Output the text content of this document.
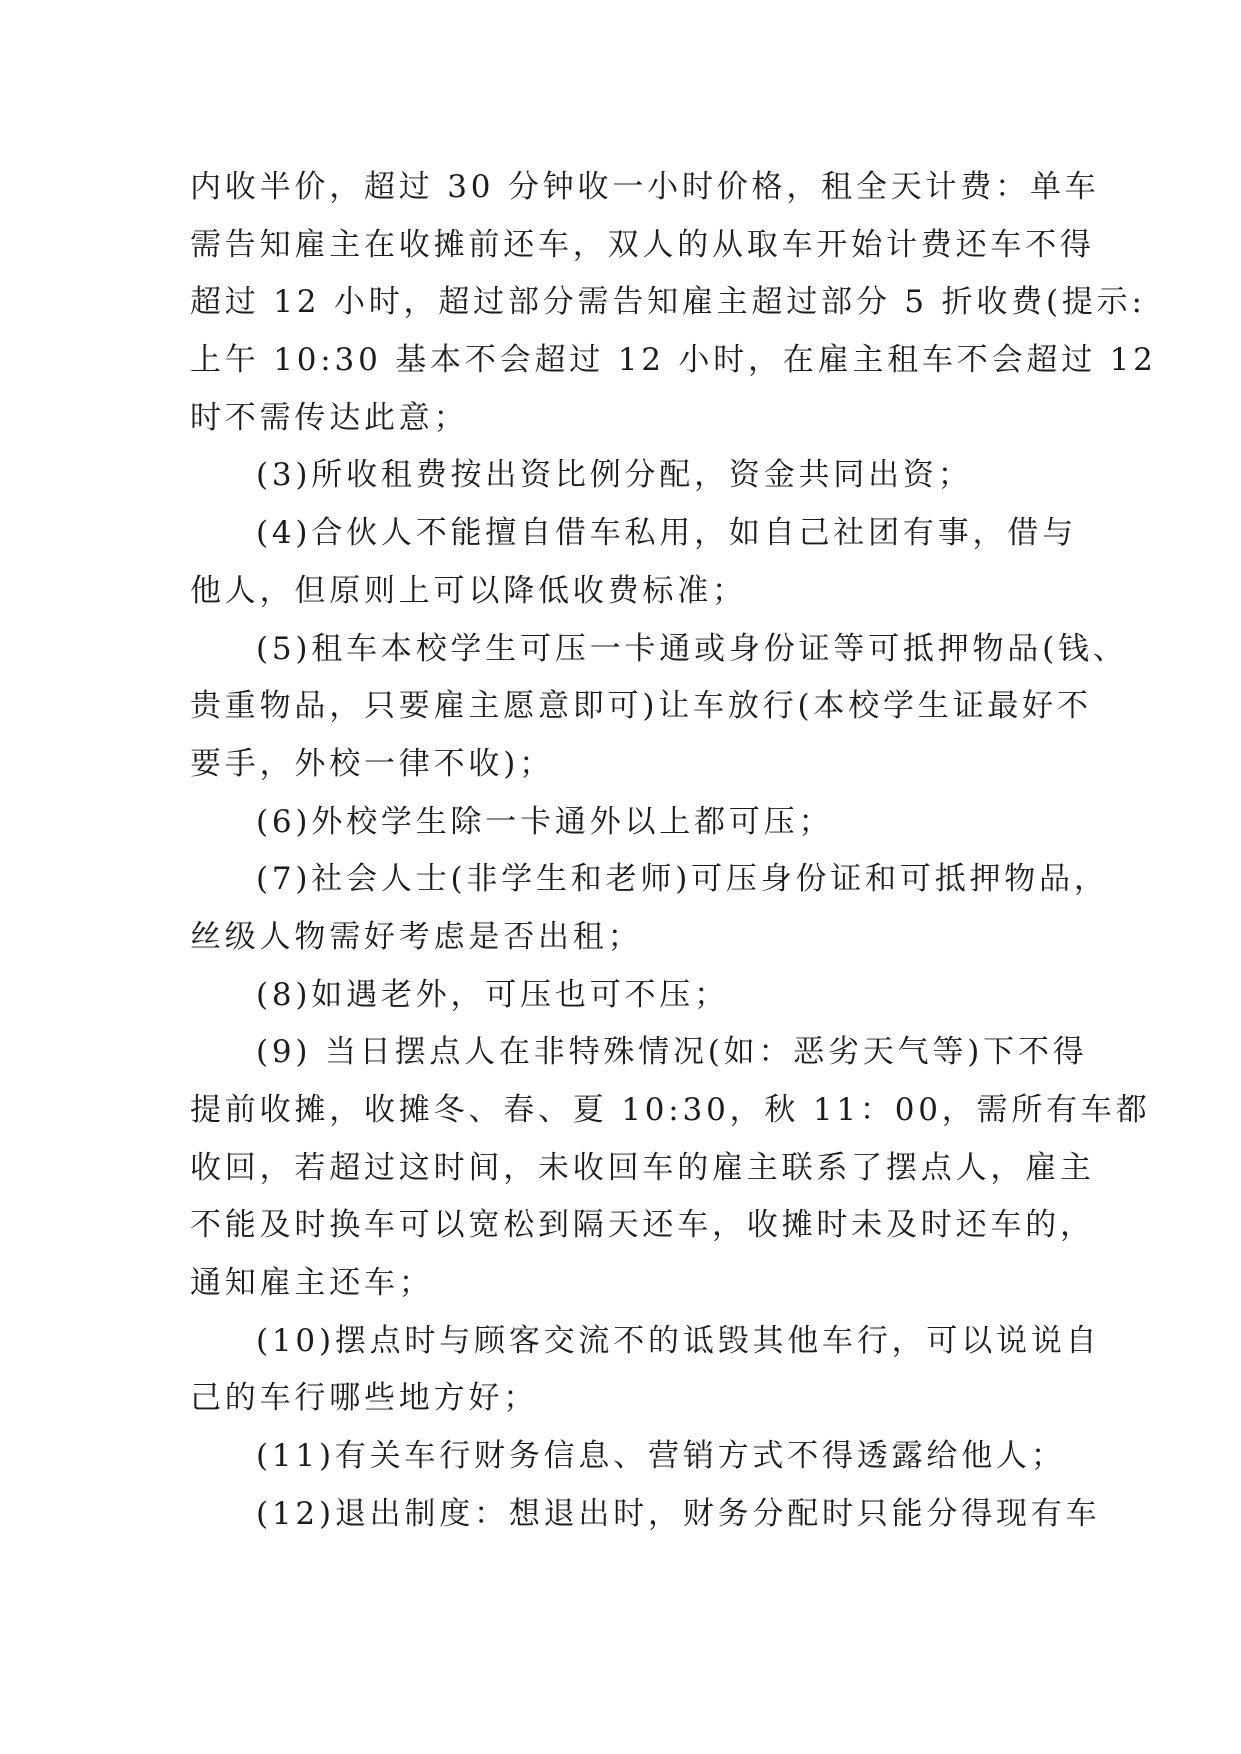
内收半价，超过 30 分钟收一小时价格，租全天计费：单车
需告知雇主在收摊前还车，双人的从取车开始计费还车不得
超过 12 小时，超过部分需告知雇主超过部分 5 折收费(提示:
上午 10:30 基本不会超过 12 小时，在雇主租车不会超过 12
时不需传达此意；
(3)所收租费按出资比例分配，资金共同出资；
(4)合伙人不能擅自借车私用，如自己社团有事，借与
他人，但原则上可以降低收费标准；
(5)租车本校学生可压一卡通或身份证等可抵押物品(钱、
贵重物品，只要雇主愿意即可)让车放行(本校学生证最好不
要手，外校一律不收)；
(6)外校学生除一卡通外以上都可压；
(7)社会人士(非学生和老师)可压身份证和可抵押物品，
丝级人物需好考虑是否出租；
(8)如遇老外，可压也可不压；
(9) 当日摆点人在非特殊情况(如：恶劣天气等)下不得
提前收摊，收摊冬、春、夏 10:30，秋 11：00，需所有车都
收回，若超过这时间，未收回车的雇主联系了摆点人，雇主
不能及时换车可以宽松到隔天还车，收摊时未及时还车的，
通知雇主还车；
(10)摆点时与顾客交流不的诋毁其他车行，可以说说自
己的车行哪些地方好；
(11)有关车行财务信息、营销方式不得透露给他人；
(12)退出制度：想退出时，财务分配时只能分得现有车
